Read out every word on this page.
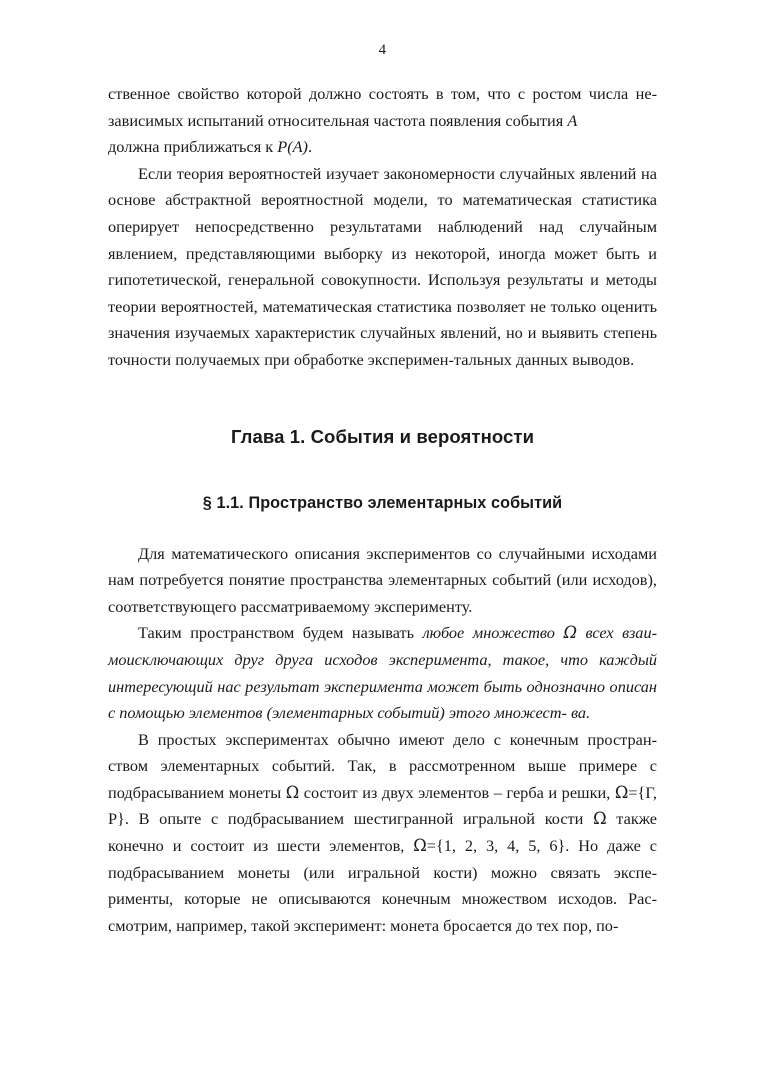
4

ственное свойство которой должно состоять в том, что с ростом числа не- зависимых испытаний относительная частота появления события A
должна приближаться к P(A).

Если теория вероятностей изучает закономерности случайных явлений на основе абстрактной вероятностной модели, то математическая статистика оперирует непосредственно результатами наблюдений над случайным явлением, представляющими выборку из некоторой, иногда может быть и гипотетической, генеральной совокупности. Используя результаты и методы теории вероятностей, математическая статистика позволяет не только оценить значения изучаемых характеристик случайных явлений, но и выявить степень точности получаемых при обработке эксперимен-тальных данных выводов.

Глава 1. События и вероятности
§ 1.1. Пространство элементарных событий

Для математического описания экспериментов со случайными исходами нам потребуется понятие пространства элементарных событий (или исходов), соответствующего рассматриваемому эксперименту.

Таким пространством будем называть любое множество Ω всех взаи- моисключающих друг друга исходов эксперимента, такое, что каждый интересующий нас результат эксперимента может быть однозначно описан с помощью элементов (элементарных событий) этого множест- ва.

В простых экспериментах обычно имеют дело с конечным простран- ством элементарных событий. Так, в рассмотренном выше примере с подбрасыванием монеты Ω состоит из двух элементов – герба и решки, Ω={Г, Р}. В опыте с подбрасыванием шестигранной игральной кости Ω также конечно и состоит из шести элементов, Ω={1, 2, 3, 4, 5, 6}. Но даже с подбрасыванием монеты (или игральной кости) можно связать экспе- рименты, которые не описываются конечным множеством исходов. Рас- смотрим, например, такой эксперимент: монета бросается до тех пор, по-
